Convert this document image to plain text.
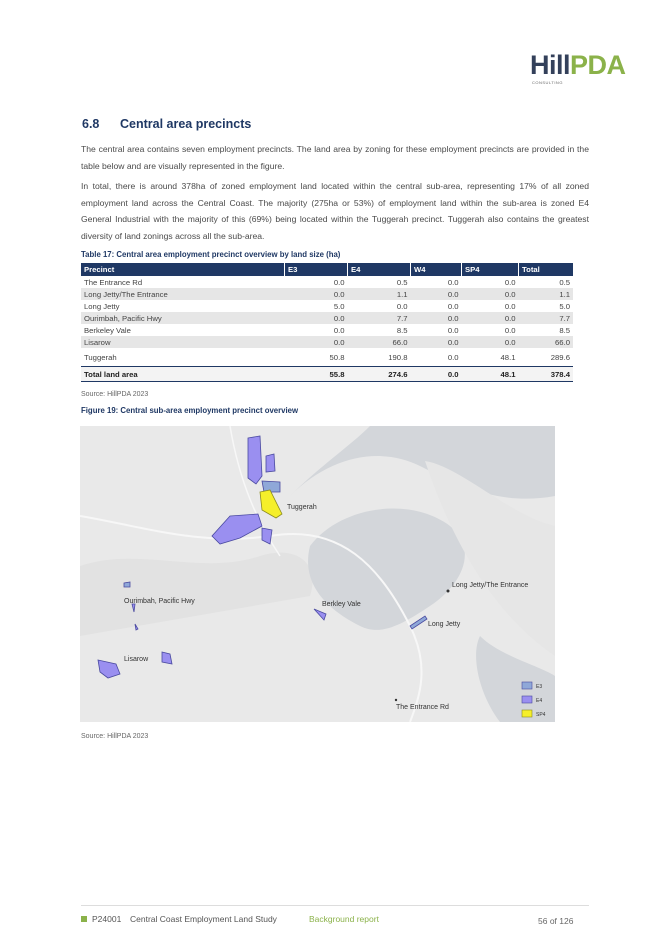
HillPDA
CONSULTING
6.8 Central area precincts
The central area contains seven employment precincts. The land area by zoning for these employment precincts are provided in the table below and are visually represented in the figure.
In total, there is around 378ha of zoned employment land located within the central sub-area, representing 17% of all zoned employment land across the Central Coast. The majority (275ha or 53%) of employment land within the sub-area is zoned E4 General Industrial with the majority of this (69%) being located within the Tuggerah precinct. Tuggerah also contains the greatest diversity of land zonings across all the sub-area.
Table 17: Central area employment precinct overview by land size (ha)
Precinct	E3	E4	W4	SP4	Total
The Entrance Rd	0.0	0.5	0.0	0.0	0.5
Long Jetty/The Entrance	0.0	1.1	0.0	0.0	1.1
Long Jetty	5.0	0.0	0.0	0.0	5.0
Ourimbah, Pacific Hwy	0.0	7.7	0.0	0.0	7.7
Berkeley Vale	0.0	8.5	0.0	0.0	8.5
Lisarow	0.0	66.0	0.0	0.0	66.0
Tuggerah	50.8	190.8	0.0	48.1	289.6
Total land area	55.8	274.6	0.0	48.1	378.4
Source: HillPDA 2023
Figure 19: Central sub-area employment precinct overview
Tuggerah
Long Jetty/The Entrance
Ourimbah, Pacific Hwy	Berkley Vale
Long Jetty
Lisarow
The Entrance Rd
E3
E4
SP4
Source: HillPDA 2023
P24001 Central Coast Employment Land Study	Background report	56 of 126
